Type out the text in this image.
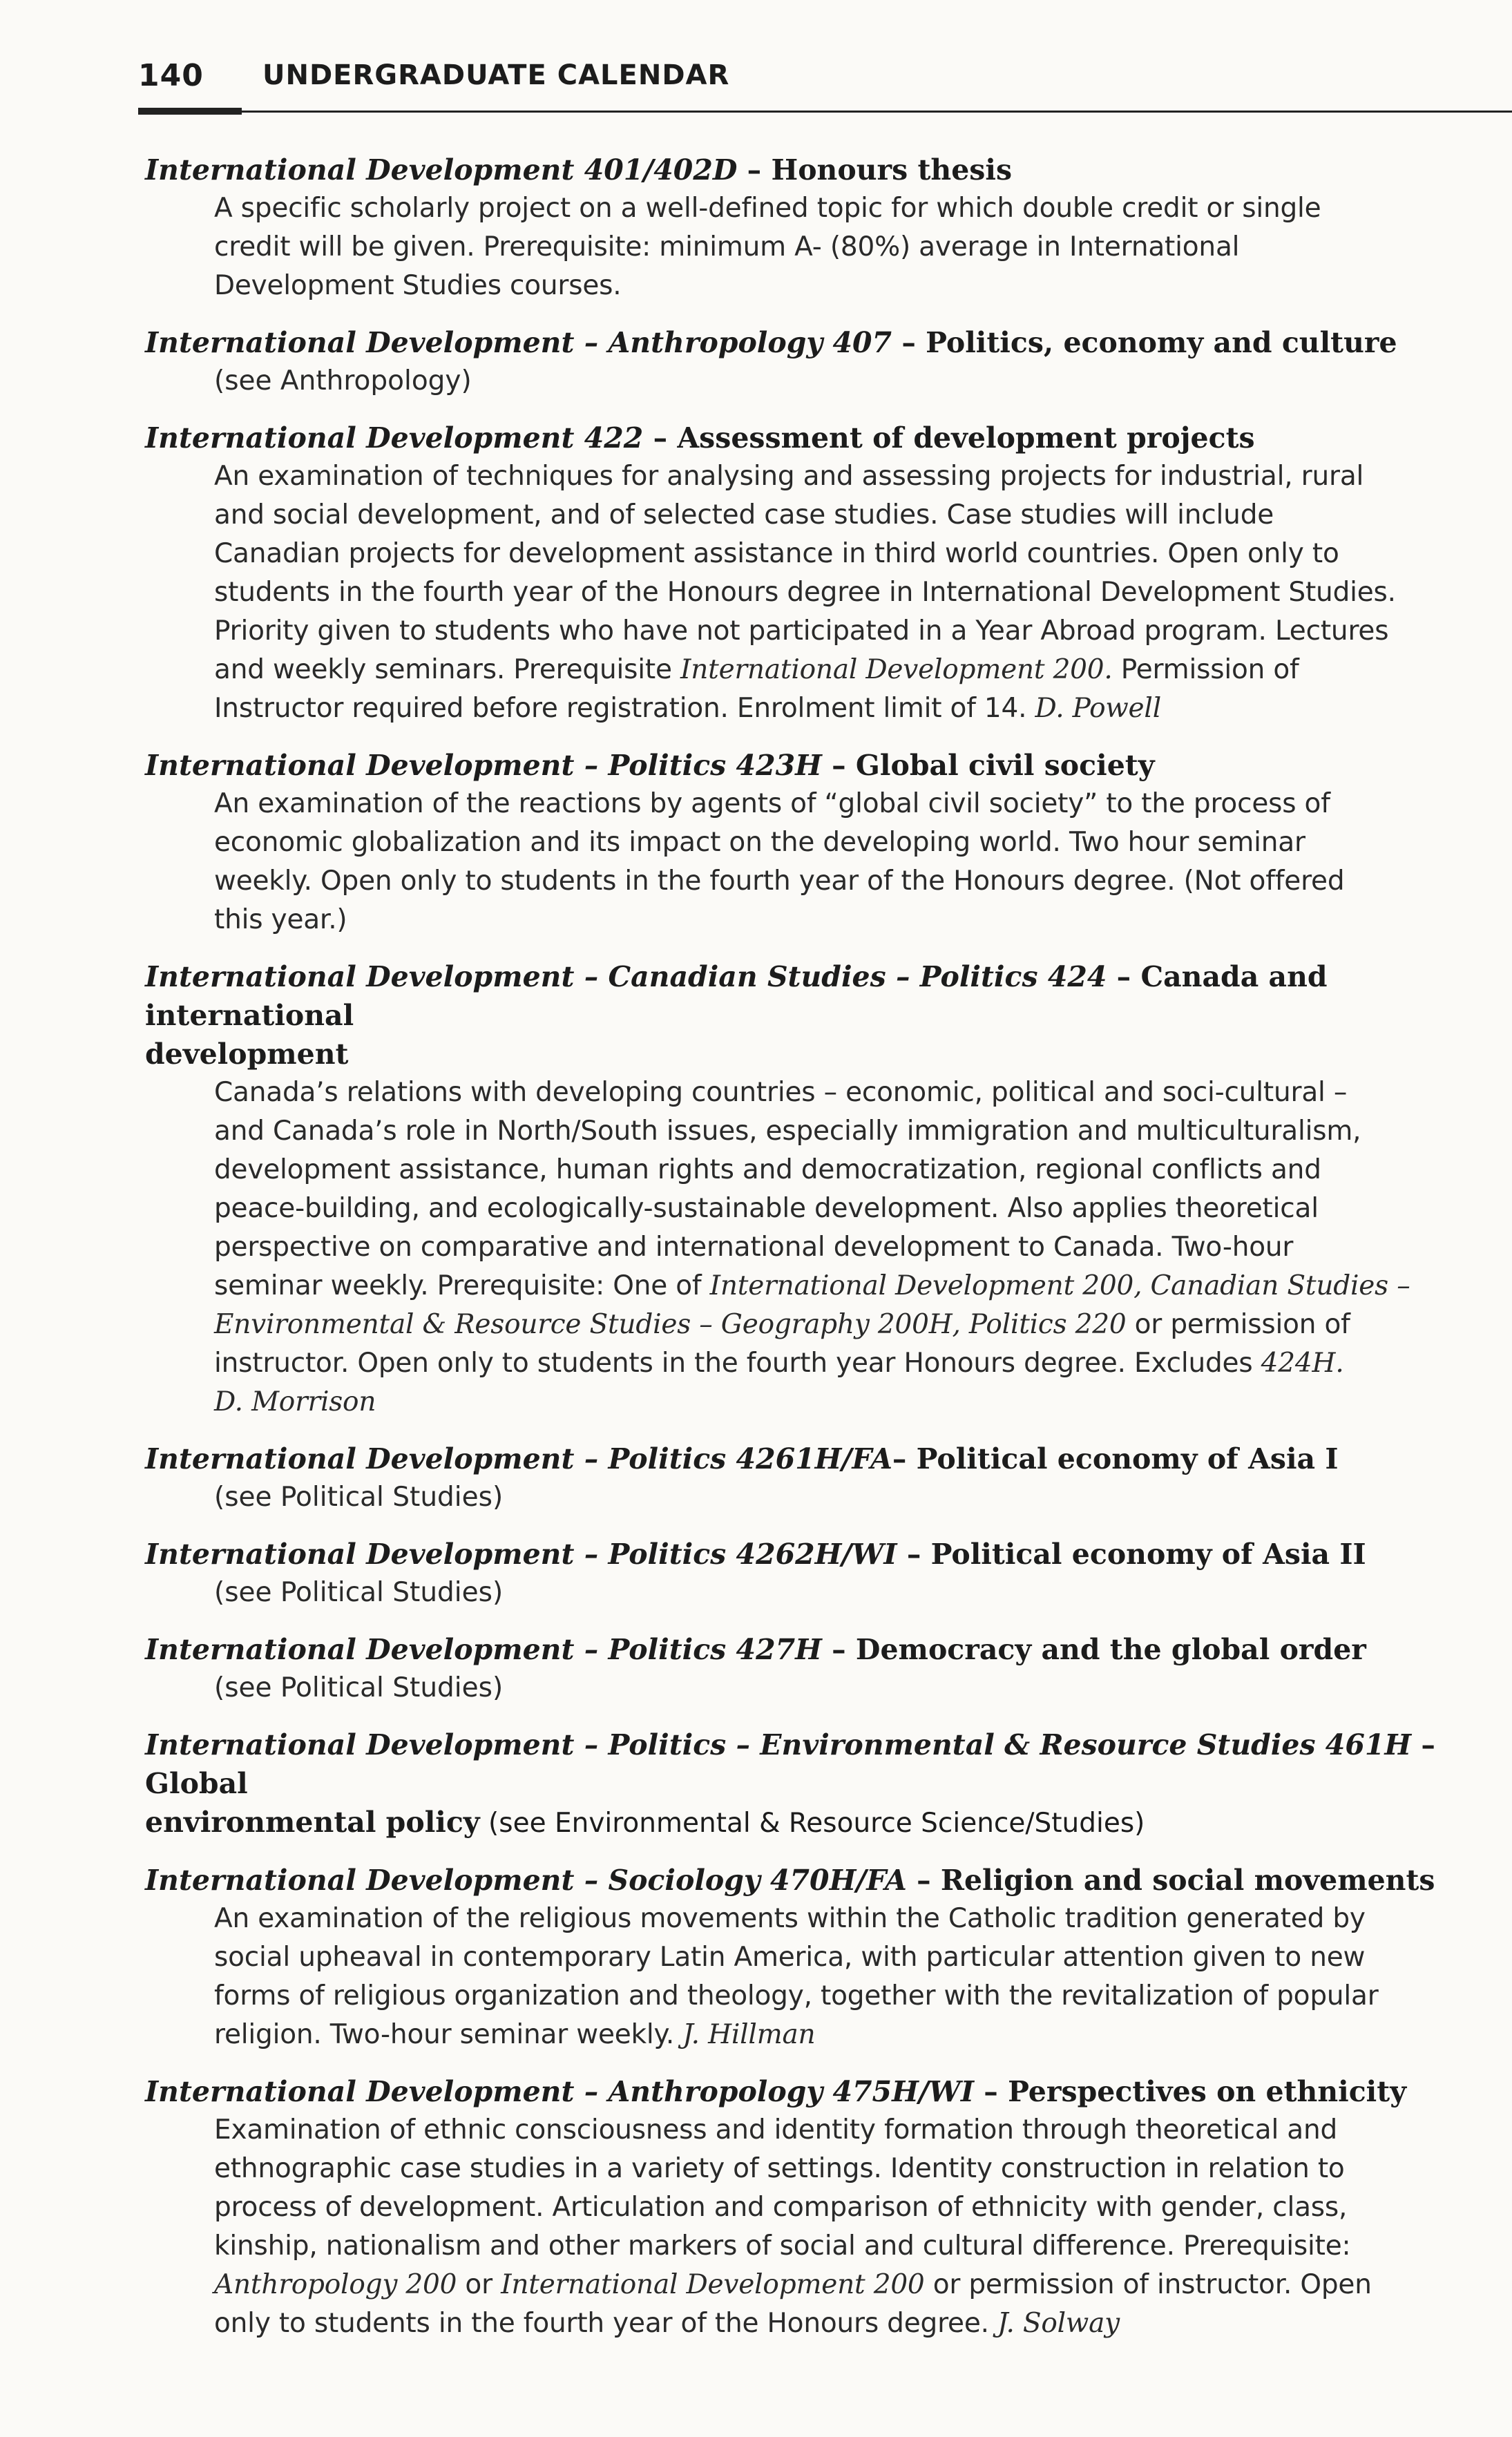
140 UNDERGRADUATE CALENDAR
International Development 401/402D – Honours thesis
A specific scholarly project on a well-defined topic for which double credit or single
credit will be given. Prerequisite: minimum A- (80%) average in International
Development Studies courses.
International Development – Anthropology 407 – Politics, economy and culture
(see Anthropology)
International Development 422 – Assessment of development projects
An examination of techniques for analysing and assessing projects for industrial, rural
and social development, and of selected case studies. Case studies will include
Canadian projects for development assistance in third world countries. Open only to
students in the fourth year of the Honours degree in International Development Studies.
Priority given to students who have not participated in a Year Abroad program. Lectures
and weekly seminars. Prerequisite International Development 200. Permission of
Instructor required before registration. Enrolment limit of 14. D. Powell
International Development – Politics 423H – Global civil society
An examination of the reactions by agents of “global civil society” to the process of
economic globalization and its impact on the developing world. Two hour seminar
weekly. Open only to students in the fourth year of the Honours degree. (Not offered
this year.)
International Development – Canadian Studies – Politics 424 – Canada and international
development
Canada’s relations with developing countries – economic, political and soci-cultural –
and Canada’s role in North/South issues, especially immigration and multiculturalism,
development assistance, human rights and democratization, regional conflicts and
peace-building, and ecologically-sustainable development. Also applies theoretical
perspective on comparative and international development to Canada. Two-hour
seminar weekly. Prerequisite: One of International Development 200, Canadian Studies –
Environmental & Resource Studies – Geography 200H, Politics 220 or permission of
instructor. Open only to students in the fourth year Honours degree. Excludes 424H.
D. Morrison
International Development – Politics 4261H/FA– Political economy of Asia I
(see Political Studies)
International Development – Politics 4262H/WI – Political economy of Asia II
(see Political Studies)
International Development – Politics 427H – Democracy and the global order
(see Political Studies)
International Development – Politics – Environmental & Resource Studies 461H – Global
environmental policy (see Environmental & Resource Science/Studies)
International Development – Sociology 470H/FA – Religion and social movements
An examination of the religious movements within the Catholic tradition generated by
social upheaval in contemporary Latin America, with particular attention given to new
forms of religious organization and theology, together with the revitalization of popular
religion. Two-hour seminar weekly. J. Hillman
International Development – Anthropology 475H/WI – Perspectives on ethnicity
Examination of ethnic consciousness and identity formation through theoretical and
ethnographic case studies in a variety of settings. Identity construction in relation to
process of development. Articulation and comparison of ethnicity with gender, class,
kinship, nationalism and other markers of social and cultural difference. Prerequisite:
Anthropology 200 or International Development 200 or permission of instructor. Open
only to students in the fourth year of the Honours degree. J. Solway
